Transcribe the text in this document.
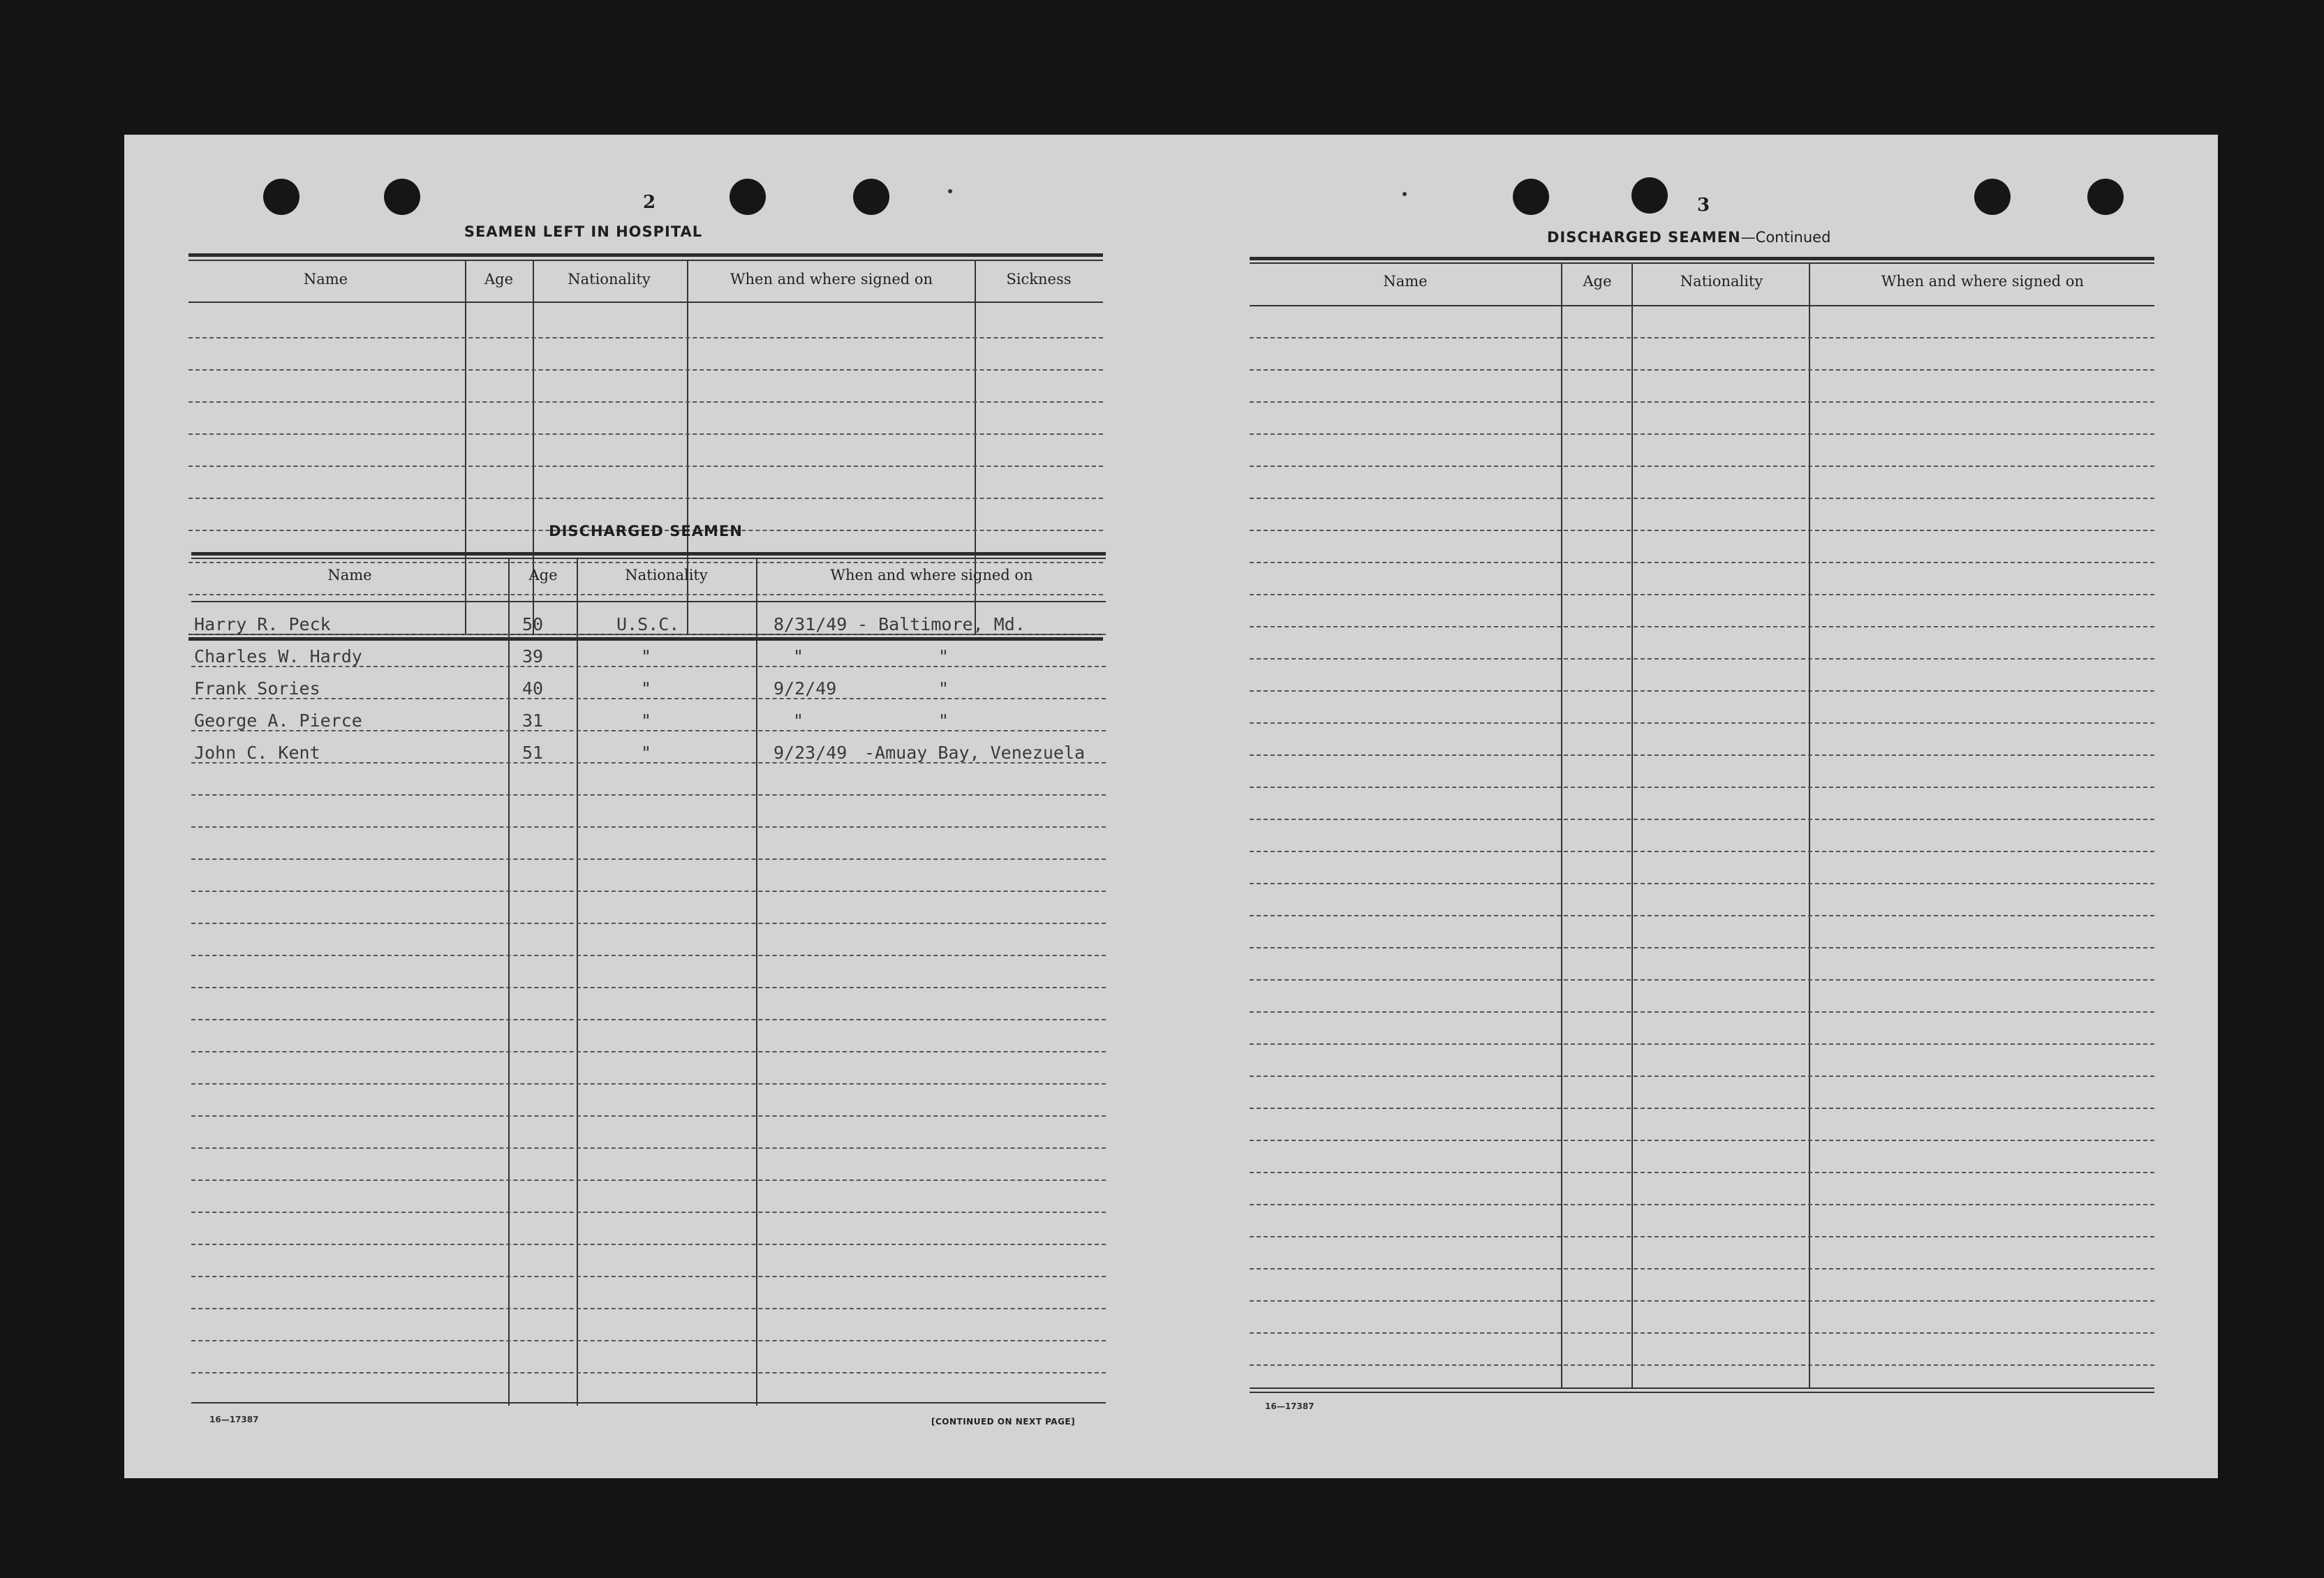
2
SEAMEN LEFT IN HOSPITAL
Name	Age	Nationality	When and where signed on	Sickness
DISCHARGED SEAMEN
Name	Age	Nationality	When and where signed on
Harry R. Peck	50	U.S.C.	8/31/49 - Baltimore, Md.
Charles W. Hardy	39	"	"	"
Frank Sories	40	"	9/2/49	"
George A. Pierce	31	"	"	"
John C. Kent	51	"	9/23/49 -Amuay Bay, Venezuela
16—17387	[CONTINUED ON NEXT PAGE]
3
DISCHARGED SEAMEN—Continued
Name	Age	Nationality	When and where signed on
16—17387
